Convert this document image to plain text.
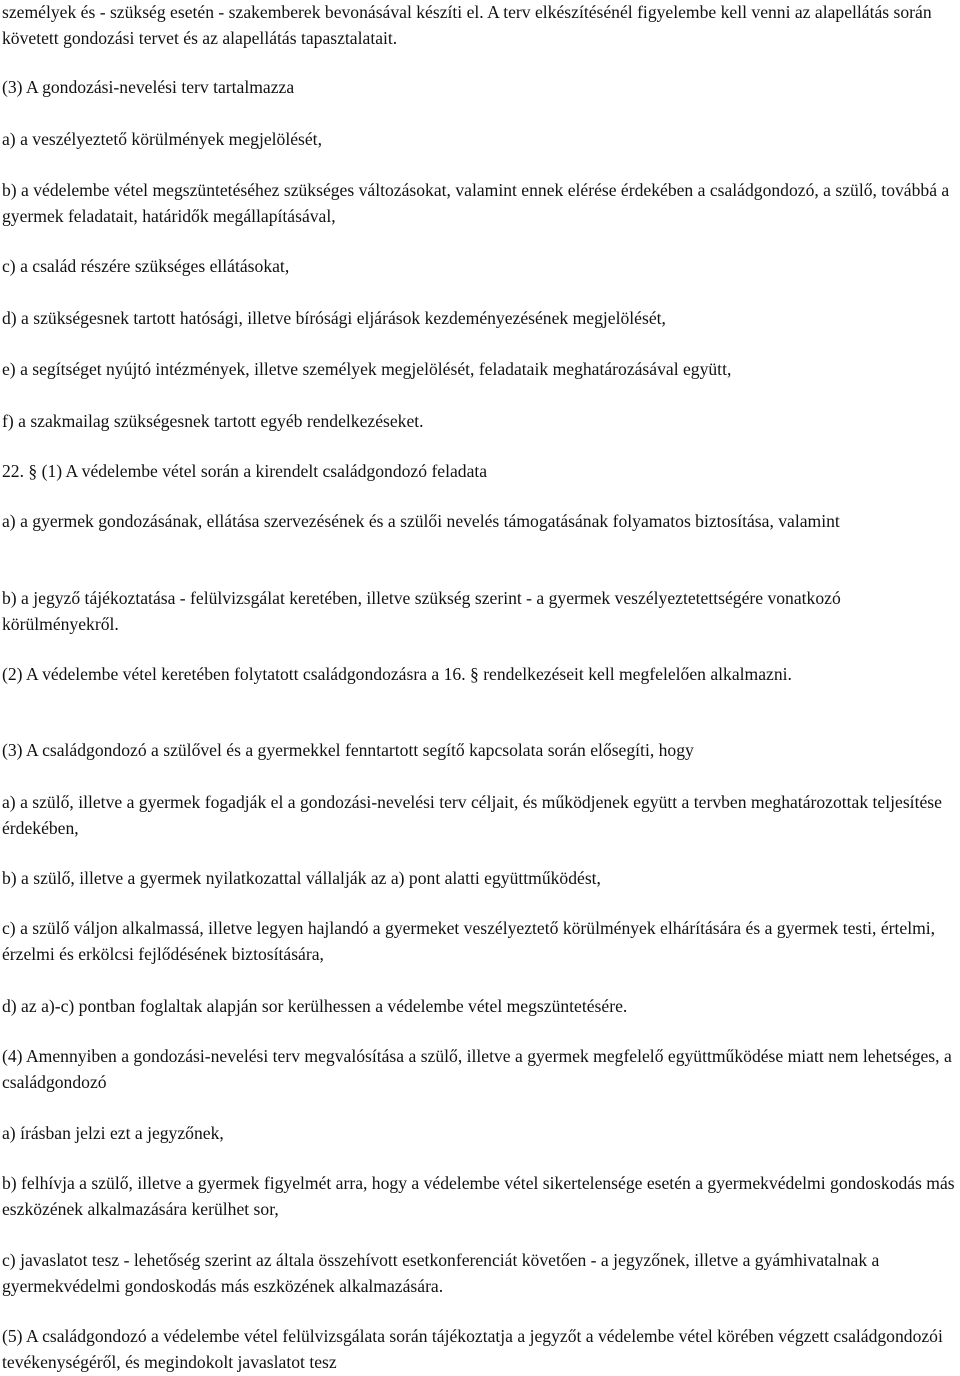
személyek és - szükség esetén - szakemberek bevonásával készíti el. A terv elkészítésénél figyelembe kell venni az alapellátás során követett gondozási tervet és az alapellátás tapasztalatait.

(3) A gondozási-nevelési terv tartalmazza

a) a veszélyeztető körülmények megjelölését,

b) a védelembe vétel megszüntetéséhez szükséges változásokat, valamint ennek elérése érdekében a családgondozó, a szülő, továbbá a gyermek feladatait, határidők megállapításával,

c) a család részére szükséges ellátásokat,

d) a szükségesnek tartott hatósági, illetve bírósági eljárások kezdeményezésének megjelölését,

e) a segítséget nyújtó intézmények, illetve személyek megjelölését, feladataik meghatározásával együtt,

f) a szakmailag szükségesnek tartott egyéb rendelkezéseket.

22. § (1) A védelembe vétel során a kirendelt családgondozó feladata

a) a gyermek gondozásának, ellátása szervezésének és a szülői nevelés támogatásának folyamatos biztosítása, valamint

b) a jegyző tájékoztatása - felülvizsgálat keretében, illetve szükség szerint - a gyermek veszélyeztetettségére vonatkozó körülményekről.

(2) A védelembe vétel keretében folytatott családgondozásra a 16. § rendelkezéseit kell megfelelően alkalmazni.

(3) A családgondozó a szülővel és a gyermekkel fenntartott segítő kapcsolata során elősegíti, hogy

a) a szülő, illetve a gyermek fogadják el a gondozási-nevelési terv céljait, és működjenek együtt a tervben meghatározottak teljesítése érdekében,

b) a szülő, illetve a gyermek nyilatkozattal vállalják az a) pont alatti együttműködést,

c) a szülő váljon alkalmassá, illetve legyen hajlandó a gyermeket veszélyeztető körülmények elhárítására és a gyermek testi, értelmi, érzelmi és erkölcsi fejlődésének biztosítására,

d) az a)-c) pontban foglaltak alapján sor kerülhessen a védelembe vétel megszüntetésére.

(4) Amennyiben a gondozási-nevelési terv megvalósítása a szülő, illetve a gyermek megfelelő együttműködése miatt nem lehetséges, a családgondozó

a) írásban jelzi ezt a jegyzőnek,

b) felhívja a szülő, illetve a gyermek figyelmét arra, hogy a védelembe vétel sikertelensége esetén a gyermekvédelmi gondoskodás más eszközének alkalmazására kerülhet sor,

c) javaslatot tesz - lehetőség szerint az általa összehívott esetkonferenciát követően - a jegyzőnek, illetve a gyámhivatalnak a gyermekvédelmi gondoskodás más eszközének alkalmazására.

(5) A családgondozó a védelembe vétel felülvizsgálata során tájékoztatja a jegyzőt a védelembe vétel körében végzett családgondozói tevékenységéről, és megindokolt javaslatot tesz
